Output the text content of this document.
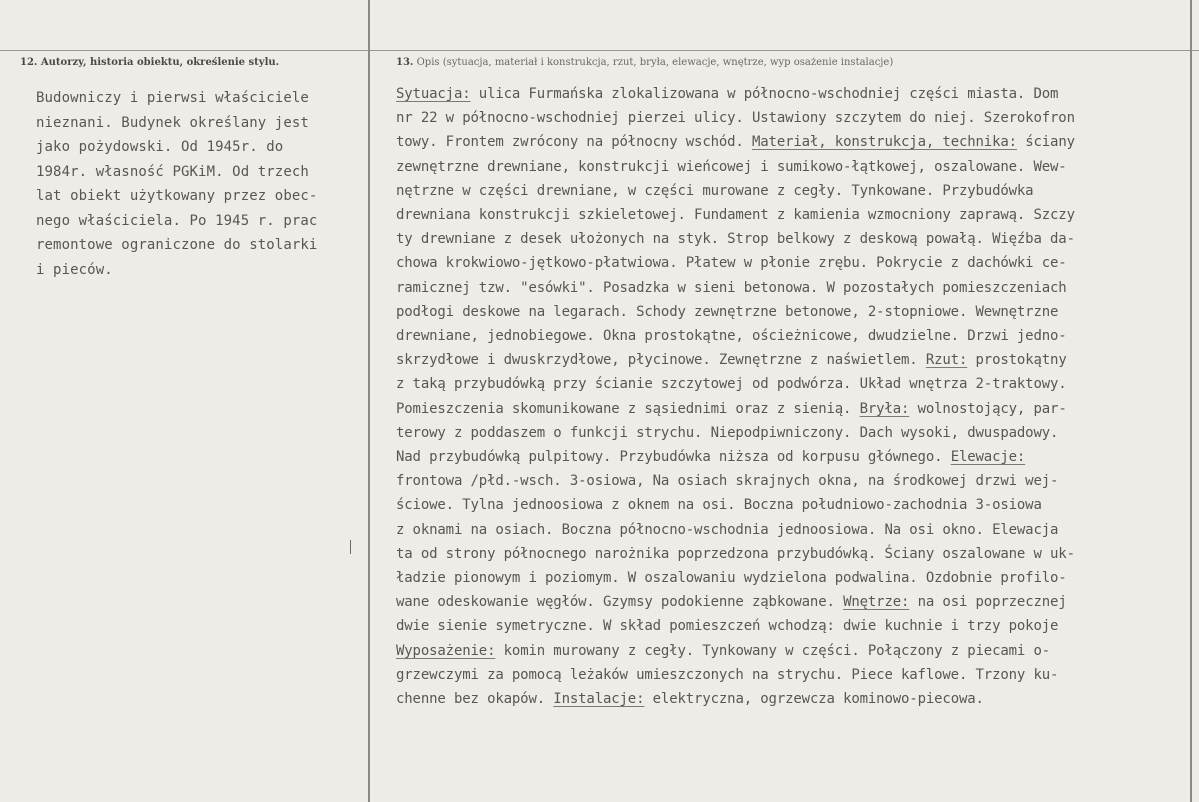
12. Autorzy, historia obiektu, określenie stylu.	13. Opis (sytuacja, materiał i konstrukcja, rzut, bryła, elewacje, wnętrze, wyp osażenie instalacje)
Budowniczy i pierwsi właściciele
nieznani. Budynek określany jest
jako pożydowski. Od 1945r. do
1984r. własność PGKiM. Od trzech
lat obiekt użytkowany przez obec-
nego właściciela. Po 1945 r. prac
remontowe ograniczone do stolarki
i pieców.
Sytuacja: ulica Furmańska zlokalizowana w północno-wschodniej części miasta. Dom
nr 22 w północno-wschodniej pierzei ulicy. Ustawiony szczytem do niej. Szerokofron
towy. Frontem zwrócony na północny wschód. Materiał, konstrukcja, technika: ściany
zewnętrzne drewniane, konstrukcji wieńcowej i sumikowo-łątkowej, oszalowane. Wew-
nętrzne w części drewniane, w części murowane z cegły. Tynkowane. Przybudówka
drewniana konstrukcji szkieletowej. Fundament z kamienia wzmocniony zaprawą. Szczy
ty drewniane z desek ułożonych na styk. Strop belkowy z deskową powałą. Więźba da-
chowa krokwiowo-jętkowo-płatwiowa. Płatew w płonie zrębu. Pokrycie z dachówki ce-
ramicznej tzw. "esówki". Posadzka w sieni betonowa. W pozostałych pomieszczeniach
podłogi deskowe na legarach. Schody zewnętrzne betonowe, 2-stopniowe. Wewnętrzne
drewniane, jednobiegowe. Okna prostokątne, ościeżnicowe, dwudzielne. Drzwi jedno-
skrzydłowe i dwuskrzydłowe, płycinowe. Zewnętrzne z naświetlem. Rzut: prostokątny
z taką przybudówką przy ścianie szczytowej od podwórza. Układ wnętrza 2-traktowy.
Pomieszczenia skomunikowane z sąsiednimi oraz z sienią. Bryła: wolnostojący, par-
terowy z poddaszem o funkcji strychu. Niepodpiwniczony. Dach wysoki, dwuspadowy.
Nad przybudówką pulpitowy. Przybudówka niższa od korpusu głównego. Elewacje:
frontowa /płd.-wsch. 3-osiowa, Na osiach skrajnych okna, na środkowej drzwi wej-
ściowe. Tylna jednoosiowa z oknem na osi. Boczna południowo-zachodnia 3-osiowa
z oknami na osiach. Boczna północno-wschodnia jednoosiowa. Na osi okno. Elewacja
ta od strony północnego narożnika poprzedzona przybudówką. Ściany oszalowane w uk-
ładzie pionowym i poziomym. W oszalowaniu wydzielona podwalina. Ozdobnie profilo-
wane odeskowanie węgłów. Gzymsy podokienne ząbkowane. Wnętrze: na osi poprzecznej
dwie sienie symetryczne. W skład pomieszczeń wchodzą: dwie kuchnie i trzy pokoje
Wyposażenie: komin murowany z cegły. Tynkowany w części. Połączony z piecami o-
grzewczymi za pomocą leżaków umieszczonych na strychu. Piece kaflowe. Trzony ku-
chenne bez okapów. Instalacje: elektryczna, ogrzewcza kominowo-piecowa.
